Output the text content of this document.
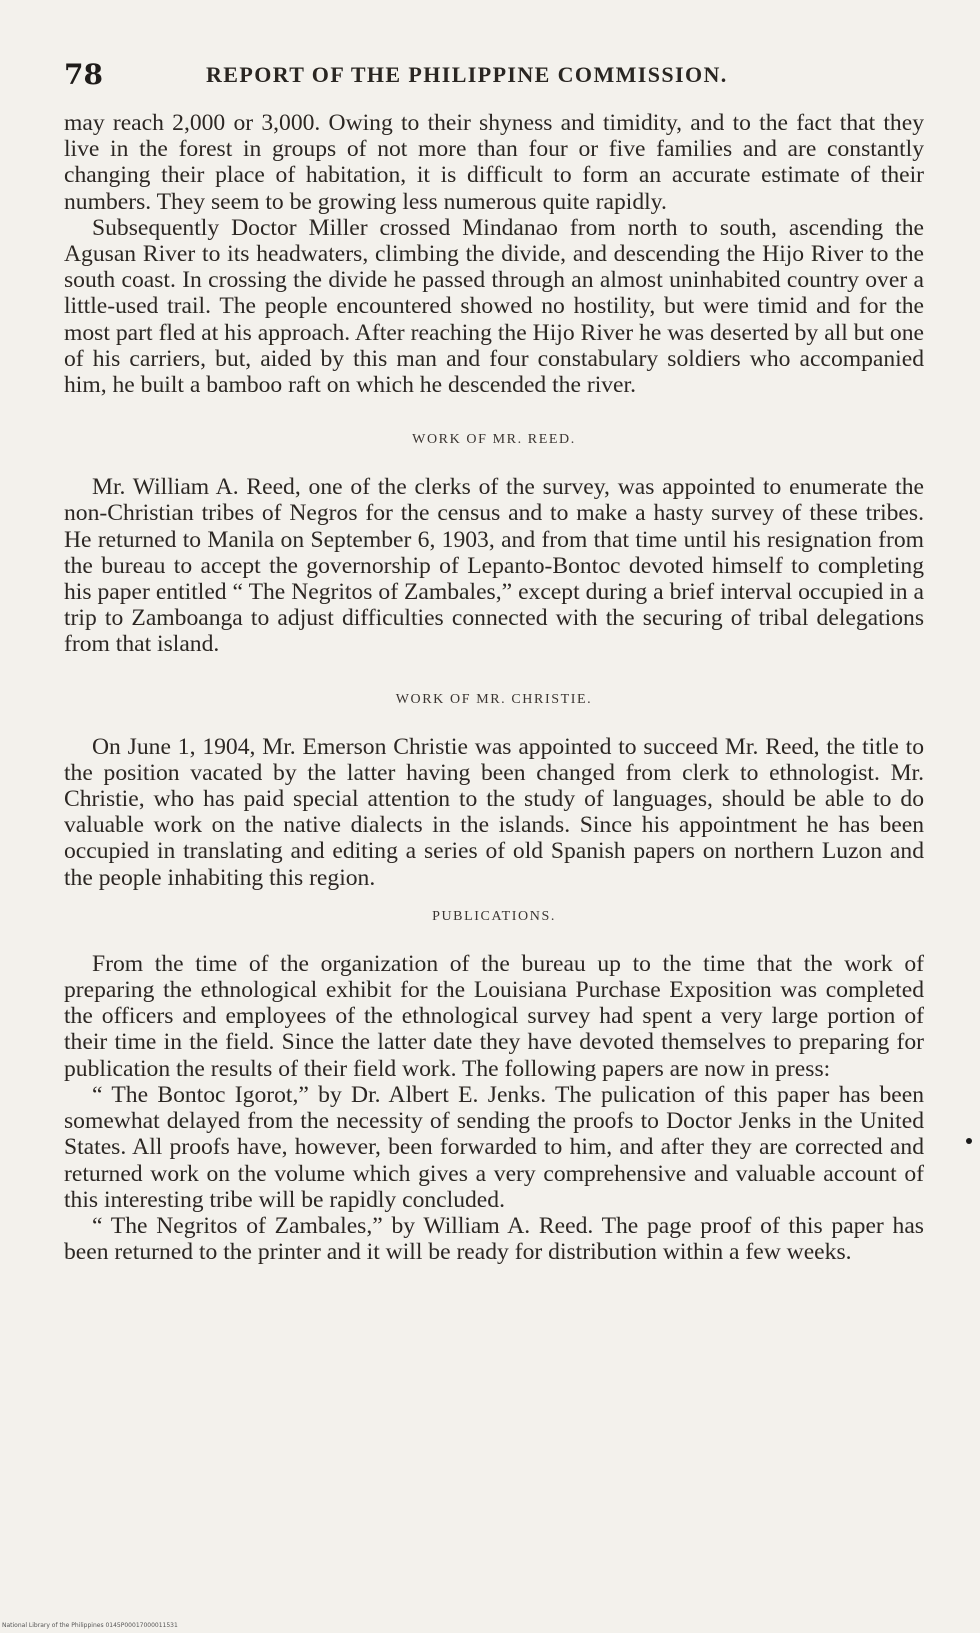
78	REPORT OF THE PHILIPPINE COMMISSION.

may reach 2,000 or 3,000. Owing to their shyness and timidity, and to the fact that they live in the forest in groups of not more than four or five families and are constantly changing their place of habitation, it is difficult to form an accurate estimate of their numbers. They seem to be growing less numerous quite rapidly.

Subsequently Doctor Miller crossed Mindanao from north to south, ascending the Agusan River to its headwaters, climbing the divide, and descending the Hijo River to the south coast. In crossing the divide he passed through an almost uninhabited country over a little-used trail. The people encountered showed no hostility, but were timid and for the most part fled at his approach. After reaching the Hijo River he was deserted by all but one of his carriers, but, aided by this man and four constabulary soldiers who accompanied him, he built a bamboo raft on which he descended the river.

WORK OF MR. REED.

Mr. William A. Reed, one of the clerks of the survey, was appointed to enumerate the non-Christian tribes of Negros for the census and to make a hasty survey of these tribes. He returned to Manila on September 6, 1903, and from that time until his resignation from the bureau to accept the governorship of Lepanto-Bontoc devoted himself to completing his paper entitled “ The Negritos of Zambales,” except during a brief interval occupied in a trip to Zamboanga to adjust difficulties connected with the securing of tribal delegations from that island.

WORK OF MR. CHRISTIE.

On June 1, 1904, Mr. Emerson Christie was appointed to succeed Mr. Reed, the title to the position vacated by the latter having been changed from clerk to ethnologist. Mr. Christie, who has paid special attention to the study of languages, should be able to do valuable work on the native dialects in the islands. Since his appointment he has been occupied in translating and editing a series of old Spanish papers on northern Luzon and the people inhabiting this region.

PUBLICATIONS.

From the time of the organization of the bureau up to the time that the work of preparing the ethnological exhibit for the Louisiana Purchase Exposition was completed the officers and employees of the ethnological survey had spent a very large portion of their time in the field. Since the latter date they have devoted themselves to preparing for publication the results of their field work. The following papers are now in press:

“ The Bontoc Igorot,” by Dr. Albert E. Jenks. The pulication of this paper has been somewhat delayed from the necessity of sending the proofs to Doctor Jenks in the United States. All proofs have, however, been forwarded to him, and after they are corrected and returned work on the volume which gives a very comprehensive and valuable account of this interesting tribe will be rapidly concluded.

“ The Negritos of Zambales,” by William A. Reed. The page proof of this paper has been returned to the printer and it will be ready for distribution within a few weeks.

National Library of the Philippines 0145P00017000011531
